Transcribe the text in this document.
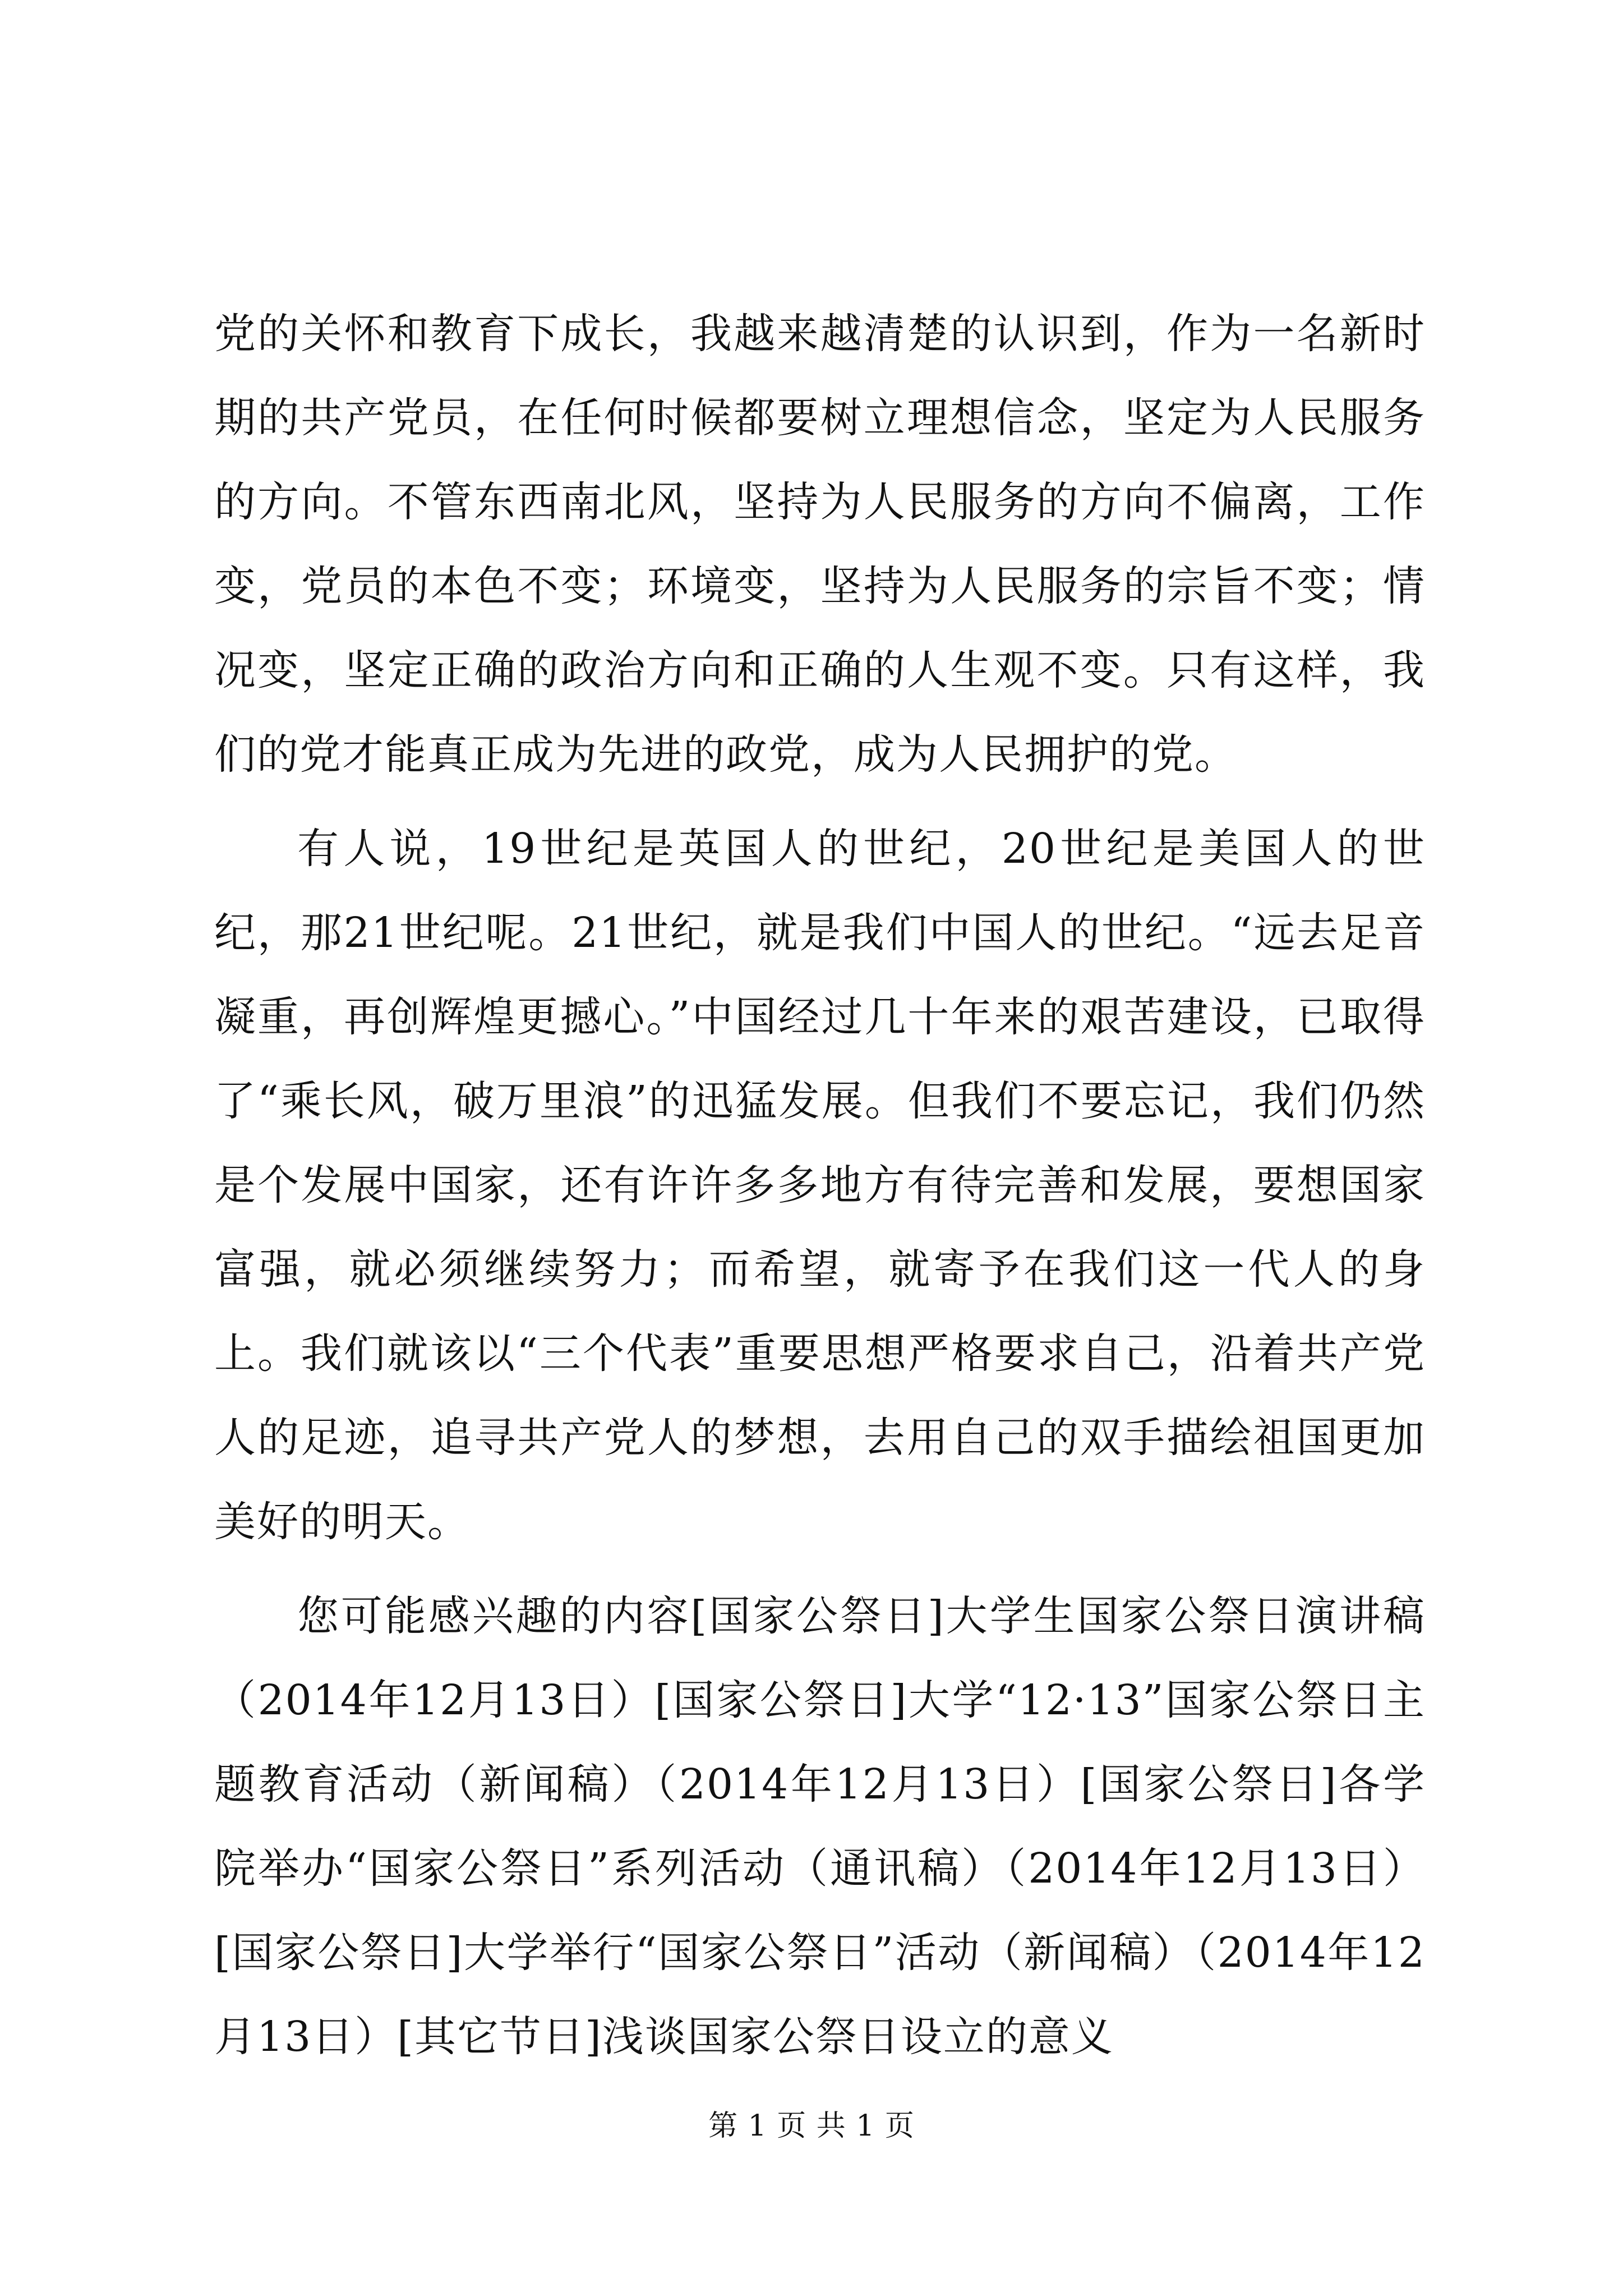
党的关怀和教育下成长，我越来越清楚的认识到，作为一名新时期的共产党员，在任何时候都要树立理想信念，坚定为人民服务的方向。不管东西南北风，坚持为人民服务的方向不偏离，工作变，党员的本色不变；环境变，坚持为人民服务的宗旨不变；情况变，坚定正确的政治方向和正确的人生观不变。只有这样，我们的党才能真正成为先进的政党，成为人民拥护的党。

有人说，19世纪是英国人的世纪，20世纪是美国人的世纪，那21世纪呢。21世纪，就是我们中国人的世纪。“远去足音凝重，再创辉煌更撼心。”中国经过几十年来的艰苦建设，已取得了“乘长风，破万里浪”的迅猛发展。但我们不要忘记，我们仍然是个发展中国家，还有许许多多地方有待完善和发展，要想国家富强，就必须继续努力；而希望，就寄予在我们这一代人的身上。我们就该以“三个代表”重要思想严格要求自己，沿着共产党人的足迹，追寻共产党人的梦想，去用自己的双手描绘祖国更加美好的明天。

您可能感兴趣的内容[国家公祭日]大学生国家公祭日演讲稿（2014年12月13日）[国家公祭日]大学“12·13”国家公祭日主题教育活动（新闻稿）（2014年12月13日）[国家公祭日]各学院举办“国家公祭日”系列活动（通讯稿）（2014年12月13日）[国家公祭日]大学举行“国家公祭日”活动（新闻稿）（2014年12月13日）[其它节日]浅谈国家公祭日设立的意义

第 1 页 共 1 页
